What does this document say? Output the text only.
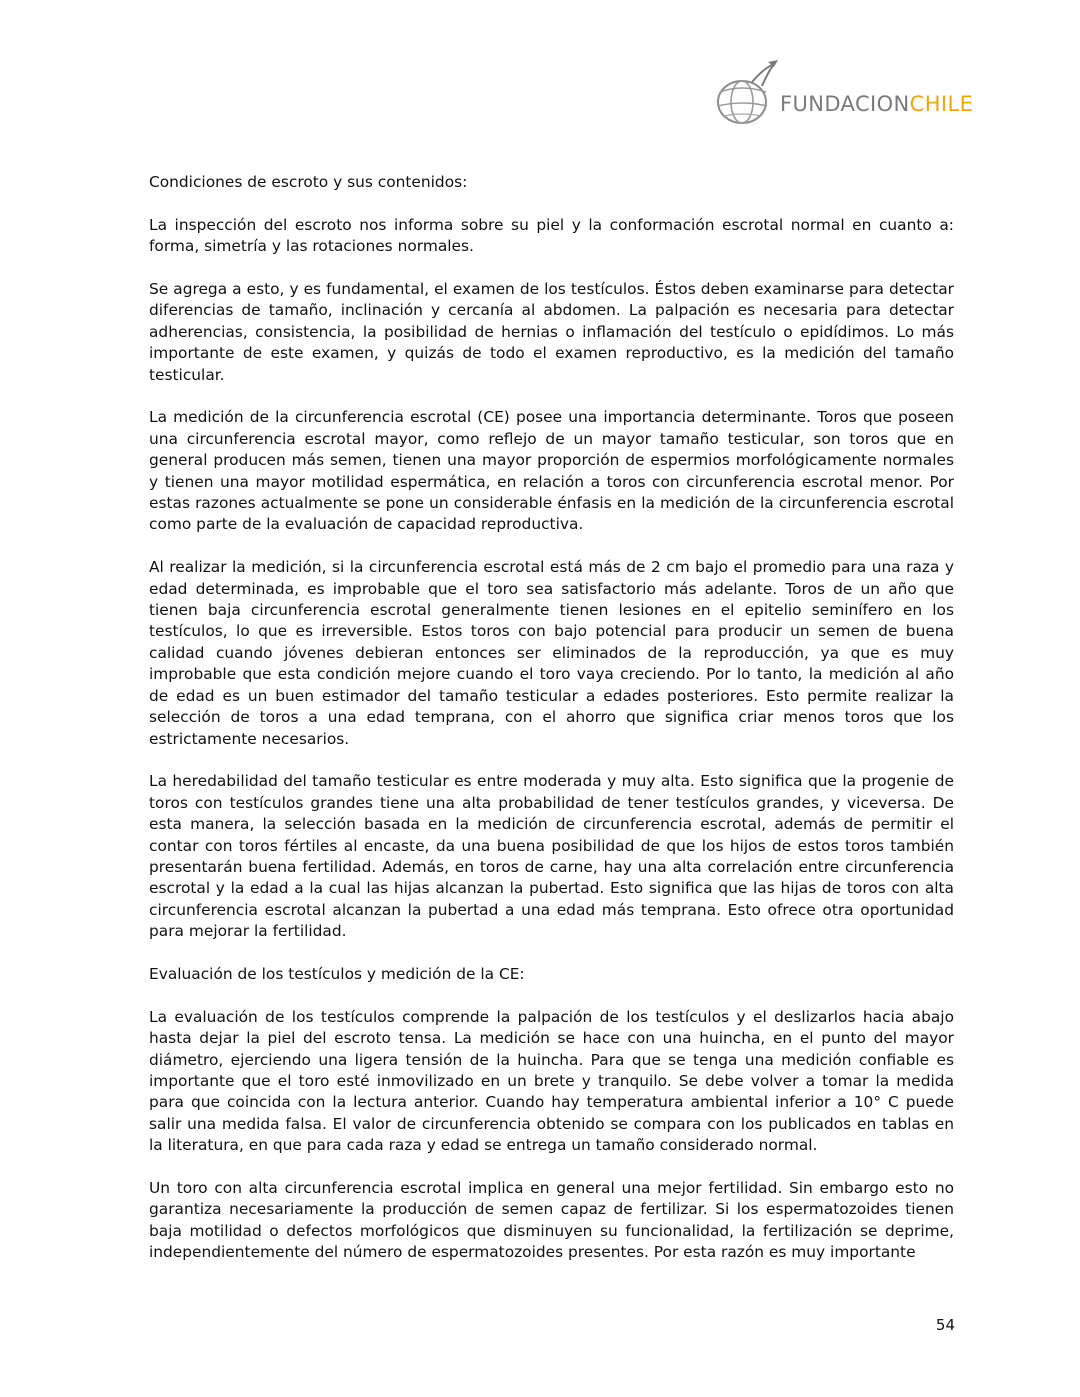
FUNDACIONCHILE

Condiciones de escroto y sus contenidos:

La inspección del escroto nos informa sobre su piel y la conformación escrotal normal en cuanto a: forma, simetría y las rotaciones normales.

Se agrega a esto, y es fundamental, el examen de los testículos. Éstos deben examinarse para detectar diferencias de tamaño, inclinación y cercanía al abdomen. La palpación es necesaria para detectar adherencias, consistencia, la posibilidad de hernias o inflamación del testículo o epidídimos. Lo más importante de este examen, y quizás de todo el examen reproductivo, es la medición del tamaño testicular.

La medición de la circunferencia escrotal (CE) posee una importancia determinante. Toros que poseen una circunferencia escrotal mayor, como reflejo de un mayor tamaño testicular, son toros que en general producen más semen, tienen una mayor proporción de espermios morfológicamente normales y tienen una mayor motilidad espermática, en relación a toros con circunferencia escrotal menor. Por estas razones actualmente se pone un considerable énfasis en la medición de la circunferencia escrotal como parte de la evaluación de capacidad reproductiva.

Al realizar la medición, si la circunferencia escrotal está más de 2 cm bajo el promedio para una raza y edad determinada, es improbable que el toro sea satisfactorio más adelante. Toros de un año que tienen baja circunferencia escrotal generalmente tienen lesiones en el epitelio seminífero en los testículos, lo que es irreversible. Estos toros con bajo potencial para producir un semen de buena calidad cuando jóvenes debieran entonces ser eliminados de la reproducción, ya que es muy improbable que esta condición mejore cuando el toro vaya creciendo. Por lo tanto, la medición al año de edad es un buen estimador del tamaño testicular a edades posteriores. Esto permite realizar la selección de toros a una edad temprana, con el ahorro que significa criar menos toros que los estrictamente necesarios.

La heredabilidad del tamaño testicular es entre moderada y muy alta. Esto significa que la progenie de toros con testículos grandes tiene una alta probabilidad de tener testículos grandes, y viceversa. De esta manera, la selección basada en la medición de circunferencia escrotal, además de permitir el contar con toros fértiles al encaste, da una buena posibilidad de que los hijos de estos toros también presentarán buena fertilidad. Además, en toros de carne, hay una alta correlación entre circunferencia escrotal y la edad a la cual las hijas alcanzan la pubertad. Esto significa que las hijas de toros con alta circunferencia escrotal alcanzan la pubertad a una edad más temprana. Esto ofrece otra oportunidad para mejorar la fertilidad.

Evaluación de los testículos y medición de la CE:

La evaluación de los testículos comprende la palpación de los testículos y el deslizarlos hacia abajo hasta dejar la piel del escroto tensa. La medición se hace con una huincha, en el punto del mayor diámetro, ejerciendo una ligera tensión de la huincha. Para que se tenga una medición confiable es importante que el toro esté inmovilizado en un brete y tranquilo. Se debe volver a tomar la medida para que coincida con la lectura anterior. Cuando hay temperatura ambiental inferior a 10° C puede salir una medida falsa. El valor de circunferencia obtenido se compara con los publicados en tablas en la literatura, en que para cada raza y edad se entrega un tamaño considerado normal.

Un toro con alta circunferencia escrotal implica en general una mejor fertilidad. Sin embargo esto no garantiza necesariamente la producción de semen capaz de fertilizar. Si los espermatozoides tienen baja motilidad o defectos morfológicos que disminuyen su funcionalidad, la fertilización se deprime, independientemente del número de espermatozoides presentes. Por esta razón es muy importante

54
